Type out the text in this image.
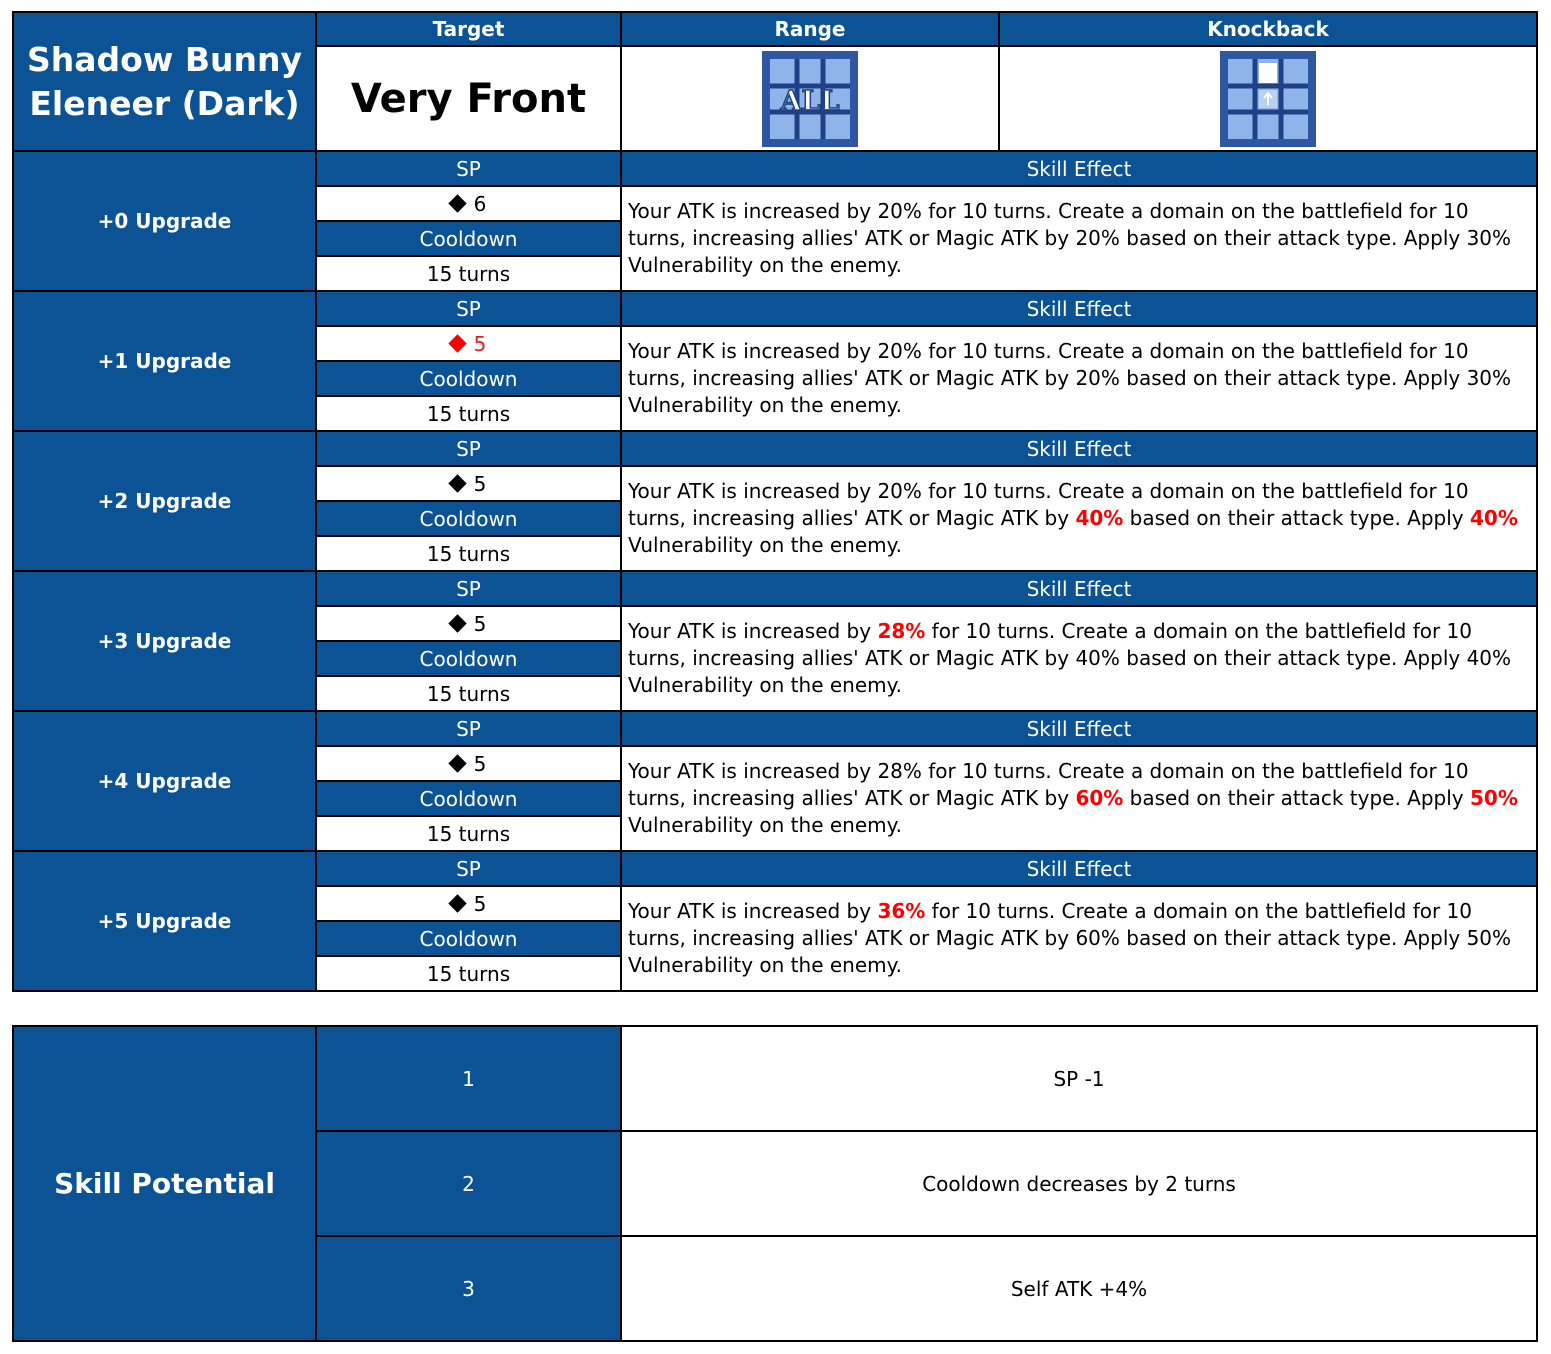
Shadow Bunny
Eleneer (Dark)	Target	Range	Knockback
	Very Front	ALL

+0 Upgrade	SP	Skill Effect	
	6	Your ATK is increased by 20% for 10 turns. Create a domain on the battlefield for 10 turns, increasing allies' ATK or Magic ATK by 20% based on their attack type. Apply 30% Vulnerability on the enemy.	
	Cooldown		
	15 turns		
+1 Upgrade	SP	Skill Effect	
	5	Your ATK is increased by 20% for 10 turns. Create a domain on the battlefield for 10 turns, increasing allies' ATK or Magic ATK by 20% based on their attack type. Apply 30% Vulnerability on the enemy.	
	Cooldown		
	15 turns		
+2 Upgrade	SP	Skill Effect	
	5	Your ATK is increased by 20% for 10 turns. Create a domain on the battlefield for 10 turns, increasing allies' ATK or Magic ATK by 40% based on their attack type. Apply 40% Vulnerability on the enemy.	
	Cooldown		
	15 turns		
+3 Upgrade	SP	Skill Effect	
	5	Your ATK is increased by 28% for 10 turns. Create a domain on the battlefield for 10 turns, increasing allies' ATK or Magic ATK by 40% based on their attack type. Apply 40% Vulnerability on the enemy.	
	Cooldown		
	15 turns		
+4 Upgrade	SP	Skill Effect	
	5	Your ATK is increased by 28% for 10 turns. Create a domain on the battlefield for 10 turns, increasing allies' ATK or Magic ATK by 60% based on their attack type. Apply 50% Vulnerability on the enemy.	
	Cooldown		
	15 turns		
+5 Upgrade	SP	Skill Effect	
	5	Your ATK is increased by 36% for 10 turns. Create a domain on the battlefield for 10 turns, increasing allies' ATK or Magic ATK by 60% based on their attack type. Apply 50% Vulnerability on the enemy.	
	Cooldown		
	15 turns		
Skill Potential	1	SP -1
	2	Cooldown decreases by 2 turns
	3	Self ATK +4%
